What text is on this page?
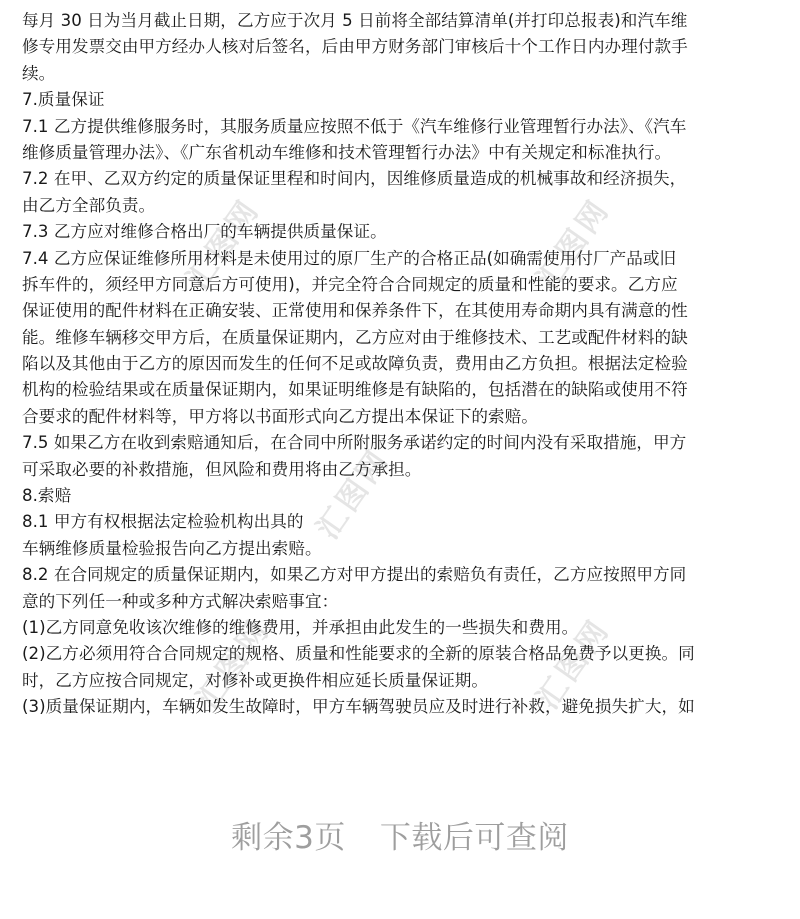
汇图网	汇图网
汇图网
汇图网
汇图网
每月 30 日为当月截止日期，乙方应于次月 5 日前将全部结算清单(并打印总报表)和汽车维
修专用发票交由甲方经办人核对后签名，后由甲方财务部门审核后十个工作日内办理付款手
续。
7.质量保证
7.1 乙方提供维修服务时，其服务质量应按照不低于《汽车维修行业管理暂行办法》、《汽车
维修质量管理办法》、《广东省机动车维修和技术管理暂行办法》中有关规定和标准执行。
7.2 在甲、乙双方约定的质量保证里程和时间内，因维修质量造成的机械事故和经济损失，
由乙方全部负责。
7.3 乙方应对维修合格出厂的车辆提供质量保证。
7.4 乙方应保证维修所用材料是未使用过的原厂生产的合格正品(如确需使用付厂产品或旧
拆车件的，须经甲方同意后方可使用)，并完全符合合同规定的质量和性能的要求。乙方应
保证使用的配件材料在正确安装、正常使用和保养条件下，在其使用寿命期内具有满意的性
能。维修车辆移交甲方后，在质量保证期内，乙方应对由于维修技术、工艺或配件材料的缺
陷以及其他由于乙方的原因而发生的任何不足或故障负责，费用由乙方负担。根据法定检验
机构的检验结果或在质量保证期内，如果证明维修是有缺陷的，包括潜在的缺陷或使用不符
合要求的配件材料等，甲方将以书面形式向乙方提出本保证下的索赔。
7.5 如果乙方在收到索赔通知后，在合同中所附服务承诺约定的时间内没有采取措施，甲方
可采取必要的补救措施，但风险和费用将由乙方承担。
8.索赔
8.1 甲方有权根据法定检验机构出具的
车辆维修质量检验报告向乙方提出索赔。
8.2 在合同规定的质量保证期内，如果乙方对甲方提出的索赔负有责任，乙方应按照甲方同
意的下列任一种或多种方式解决索赔事宜：
(1)乙方同意免收该次维修的维修费用，并承担由此发生的一些损失和费用。
(2)乙方必须用符合合同规定的规格、质量和性能要求的全新的原装合格品免费予以更换。同
时，乙方应按合同规定，对修补或更换件相应延长质量保证期。
(3)质量保证期内，车辆如发生故障时，甲方车辆驾驶员应及时进行补救，避免损失扩大，如
剩余3页 下载后可查阅
